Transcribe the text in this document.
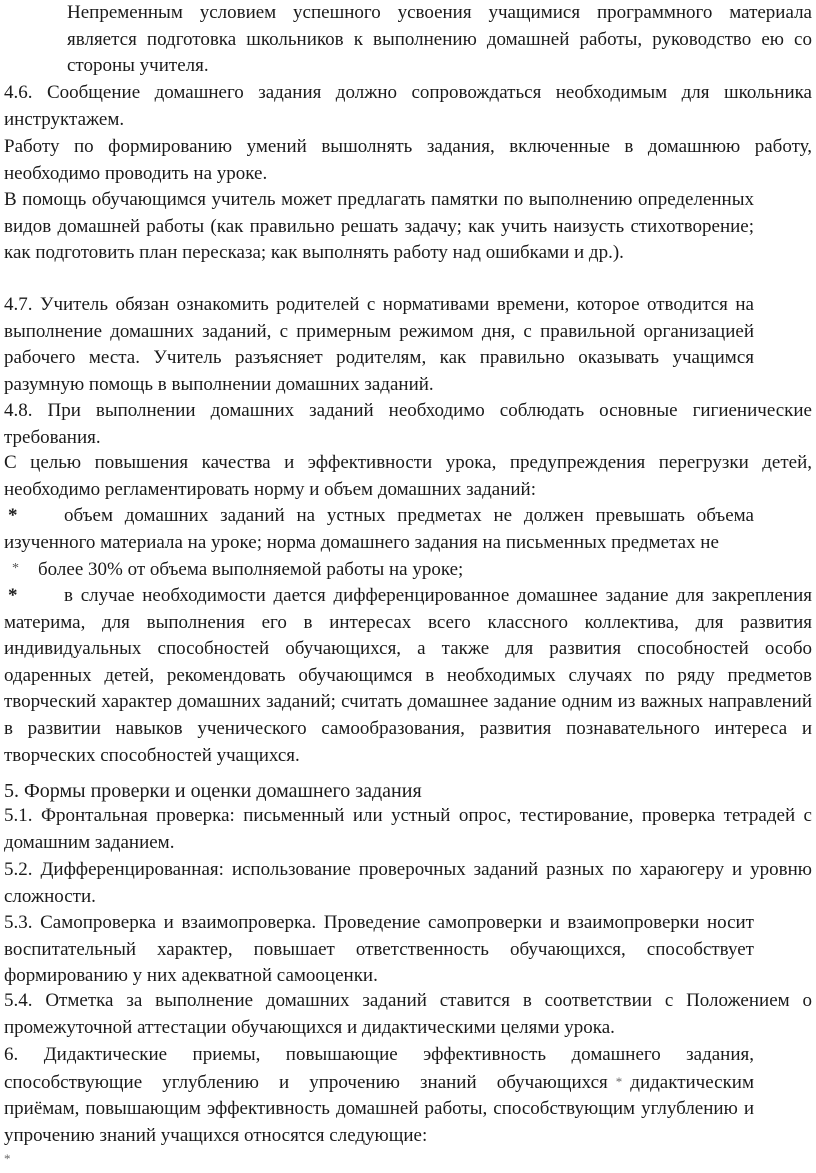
Непременным условием успешного усвоения учащимися программного материала является подготовка школьников к выполнению домашней работы, руководство ею со стороны учителя.

4.6. Сообщение домашнего задания должно сопровождаться необходимым для школьника инструктажем.

Работу по формированию умений вышолнять задания, включенные в домашнюю работу, необходимо проводить на уроке.

В помощь обучающимся учитель может предлагать памятки по выполнению определенных видов домашней работы (как правильно решать задачу; как учить наизусть стихотворение; как подготовить план пересказа; как выполнять работу над ошибками и др.).

4.7. Учитель обязан ознакомить родителей с нормативами времени, которое отводится на выполнение домашних заданий, с примерным режимом дня, с правильной организацией рабочего места. Учитель разъясняет родителям, как правильно оказывать учащимся разумную помощь в выполнении домашних заданий.

4.8. При выполнении домашних заданий необходимо соблюдать основные гигиенические требования.

С целью повышения качества и эффективности урока, предупреждения перегрузки детей, необходимо регламентировать норму и объем домашних заданий:

* объем домашних заданий на устных предметах не должен превышать объема изученного материала на уроке; норма домашнего задания на письменных предметах не

* более 30% от объема выполняемой работы на уроке;

* в случае необходимости дается дифференцированное домашнее задание для закрепления материма, для выполнения его в интересах всего классного коллектива, для развития индивидуальных способностей обучающихся, а также для развития способностей особо одаренных детей, рекомендовать обучающимся в необходимых случаях по ряду предметов творческий характер домашних заданий; считать домашнее задание одним из важных направлений в развитии навыков ученического самообразования, развития познавательного интереса и творческих способностей учащихся.

5. Формы проверки и оценки домашнего задания

5.1. Фронтальная проверка: письменный или устный опрос, тестирование, проверка тетрадей с домашним заданием.

5.2. Дифференцированная: использование проверочных заданий разных по хараюгеру и уровню сложности.

5.3. Самопроверка и взаимопроверка. Проведение самопроверки и взаимопроверки носит воспитательный характер, повышает ответственность обучающихся, способствует формированию у них адекватной самооценки.

5.4. Отметка за выполнение домашних заданий ставится в соответствии с Положением о промежуточной аттестации обучающихся и дидактическими целями урока.

6. Дидактические приемы, повышающие эффективность домашнего задания, способствующие углублению и упрочению знаний обучающихся * дидактическим приёмам, повышающим эффективность домашней работы, способствующим углублению и упрочению знаний учащихся относятся следующие:

*
